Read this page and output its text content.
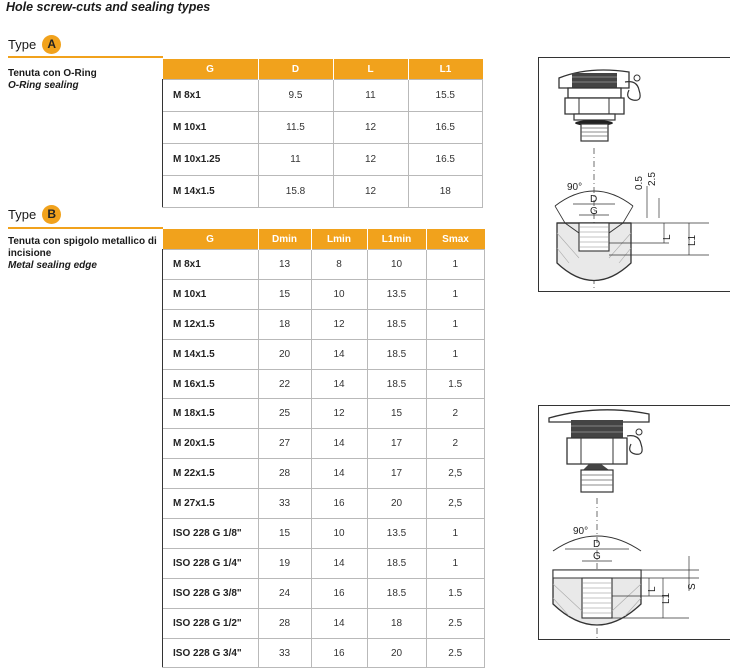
Hole screw-cuts and sealing types
Type A
Tenuta con O-Ring
O-Ring sealing
G	D	L	L1
M 8x1	9.5	11	15.5
M 10x1	11.5	12	16.5
M 10x1.25	11	12	16.5
M 14x1.5	15.8	12	18	90°
D
G
0.5 2.5
L L1
Type B
Tenuta con spigolo metallico di incisione
Metal sealing edge
G	Dmin	Lmin	L1min	Smax
M 8x1	13	8	10	1
M 10x1	15	10	13.5	1
M 12x1.5	18	12	18.5	1
M 14x1.5	20	14	18.5	1
M 16x1.5	22	14	18.5	1.5
M 18x1.5	25	12	15	2
M 20x1.5	27	14	17	2
M 22x1.5	28	14	17	2,5
M 27x1.5	33	16	20	2,5
ISO 228 G 1/8"	15	10	13.5	1
ISO 228 G 1/4"	19	14	18.5	1
ISO 228 G 3/8"	24	16	18.5	1.5
ISO 228 G 1/2"	28	14	18	2.5
ISO 228 G 3/4"	33	16	20	2.5
90°
D
G
S
L
L1
